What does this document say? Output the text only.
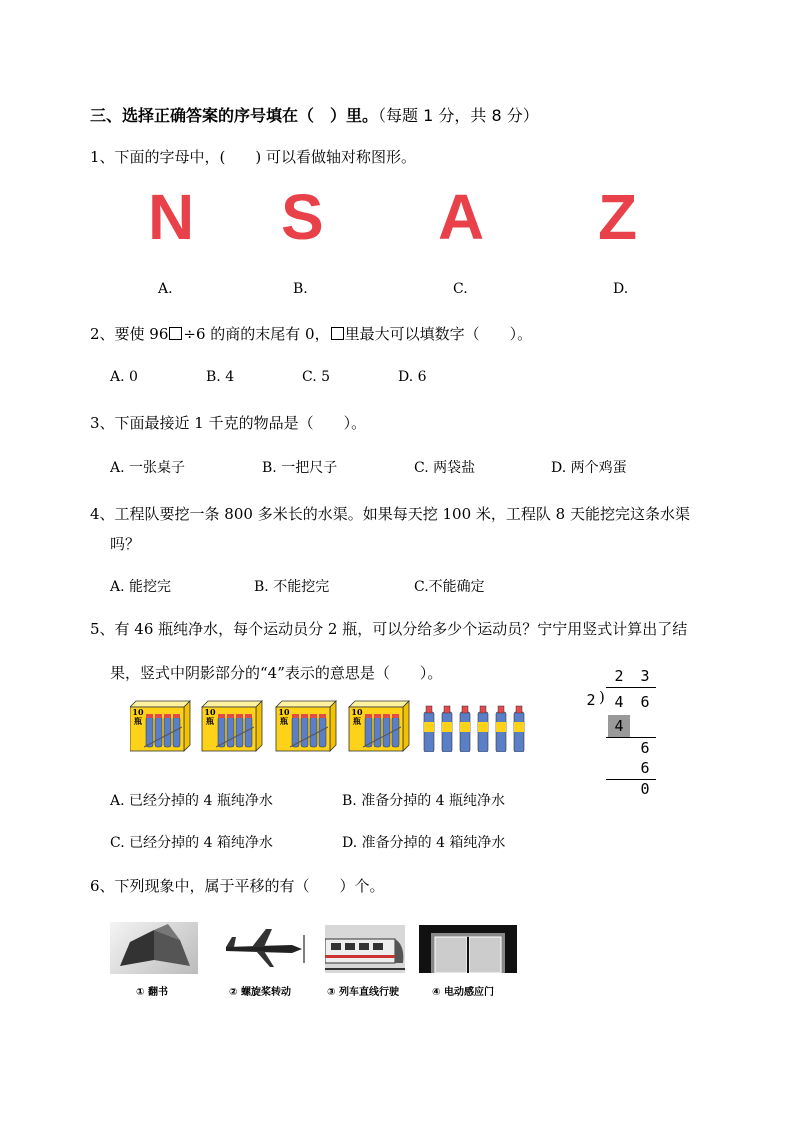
三、选择正确答案的序号填在（　）里。（每题 1 分，共 8 分）
1、下面的字母中，(　　) 可以看做轴对称图形。
N S A Z
A.	B.	C.	D.
2、要使 96 ÷6 的商的末尾有 0， 里最大可以填数字（　　）。
A. 0	B. 4	C. 5	D. 6
3、下面最接近 1 千克的物品是（　　）。
A. 一张桌子	B. 一把尺子	C. 两袋盐	D. 两个鸡蛋
4、工程队要挖一条 800 多米长的水渠。如果每天挖 100 米，工程队 8 天能挖完这条水渠
吗？
A. 能挖完	B. 不能挖完	C.不能确定
5、有 46 瓶纯净水，每个运动员分 2 瓶，可以分给多少个运动员？宁宁用竖式计算出了结
果，竖式中阴影部分的“4”表示的意思是（　　）。
10 瓶
10 瓶
10 瓶
10 瓶
2 3
2 ) 4 6
4
6
6
0
A. 已经分掉的 4 瓶纯净水	B. 准备分掉的 4 瓶纯净水
C. 已经分掉的 4 箱纯净水	D. 准备分掉的 4 箱纯净水
6、下列现象中，属于平移的有（　　）个。
① 翻书	② 螺旋桨转动	③ 列车直线行驶	④ 电动感应门
